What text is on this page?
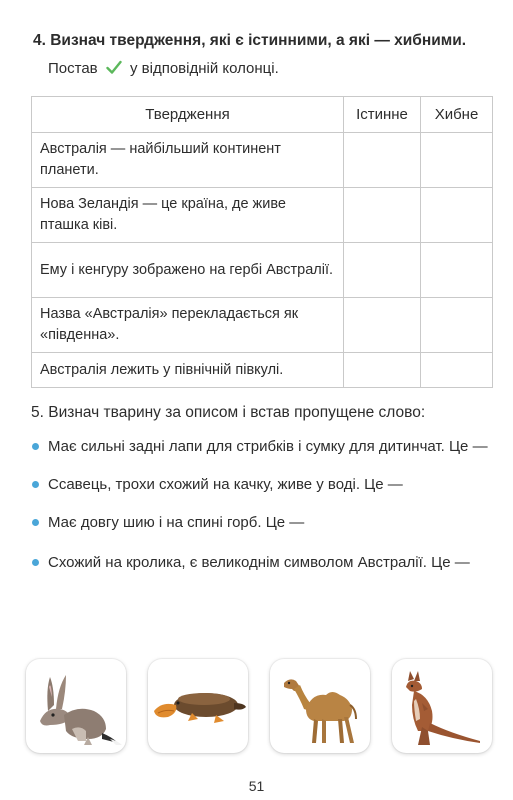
4. Визнач твердження, які є істинними, а які — хибними.
Постав у відповідній колонці.
Твердження	Істинне	Хибне
Австралія — найбільший континент планети.		
Нова Зеландія — це країна, де живе пташка ківі.		
Ему і кенгуру зображено на гербі Австралії.		
Назва «Австралія» перекладається як «південна».		
Австралія лежить у північній півкулі.		
5. Визнач тварину за описом і встав пропущене слово:
Має сильні задні лапи для стрибків і сумку для дитинчат. Це —
Ссавець, трохи схожий на качку, живе у воді. Це —
Має довгу шию і на спині горб. Це —
Схожий на кролика, є великоднім символом Австралії. Це —
51
